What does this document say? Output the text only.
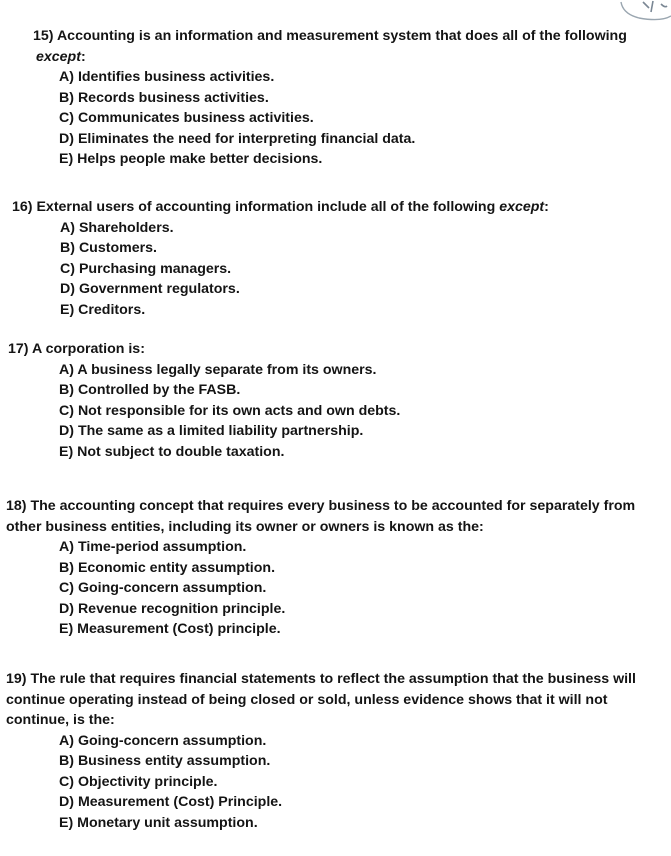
15) Accounting is an information and measurement system that does all of the following
except:
A) Identifies business activities.
B) Records business activities.
C) Communicates business activities.
D) Eliminates the need for interpreting financial data.
E) Helps people make better decisions.
16) External users of accounting information include all of the following except:
A) Shareholders.
B) Customers.
C) Purchasing managers.
D) Government regulators.
E) Creditors.
17) A corporation is:
A) A business legally separate from its owners.
B) Controlled by the FASB.
C) Not responsible for its own acts and own debts.
D) The same as a limited liability partnership.
E) Not subject to double taxation.
18) The accounting concept that requires every business to be accounted for separately from
other business entities, including its owner or owners is known as the:
A) Time-period assumption.
B) Economic entity assumption.
C) Going-concern assumption.
D) Revenue recognition principle.
E) Measurement (Cost) principle.
19) The rule that requires financial statements to reflect the assumption that the business will
continue operating instead of being closed or sold, unless evidence shows that it will not
continue, is the:
A) Going-concern assumption.
B) Business entity assumption.
C) Objectivity principle.
D) Measurement (Cost) Principle.
E) Monetary unit assumption.
